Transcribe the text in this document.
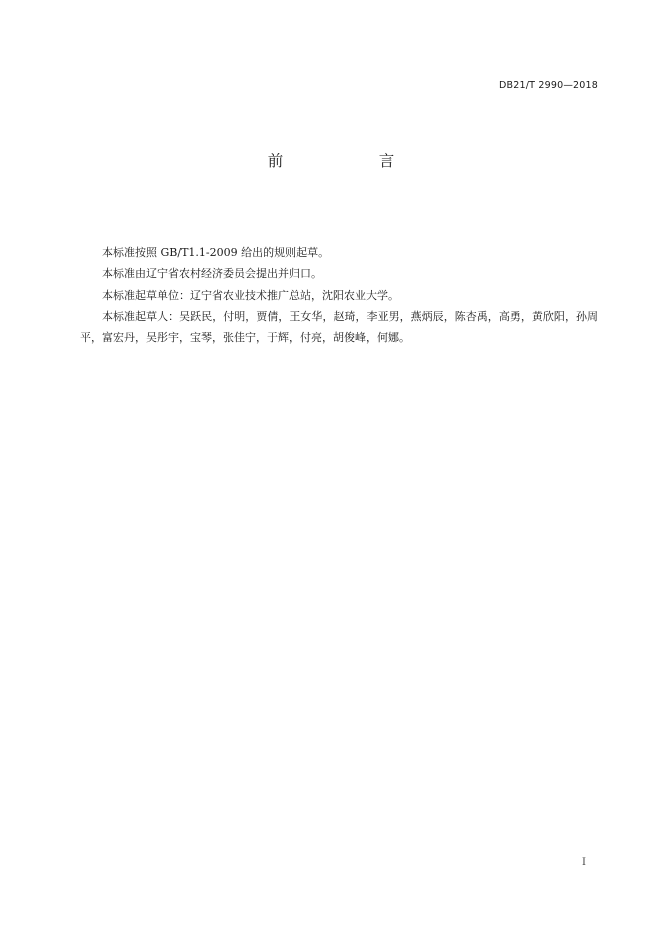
DB21/T 2990—2018
前　言

本标准按照 GB/T1.1-2009 给出的规则起草。

本标准由辽宁省农村经济委员会提出并归口。

本标准起草单位：辽宁省农业技术推广总站，沈阳农业大学。

本标准起草人：吴跃民，付明，贾倩，王女华，赵琦，李亚男，燕炳辰，陈杏禹，高勇，黄欣阳，孙周平，富宏丹，吴彤宇，宝琴，张佳宁，于辉，付亮，胡俊峰，何娜。

I
